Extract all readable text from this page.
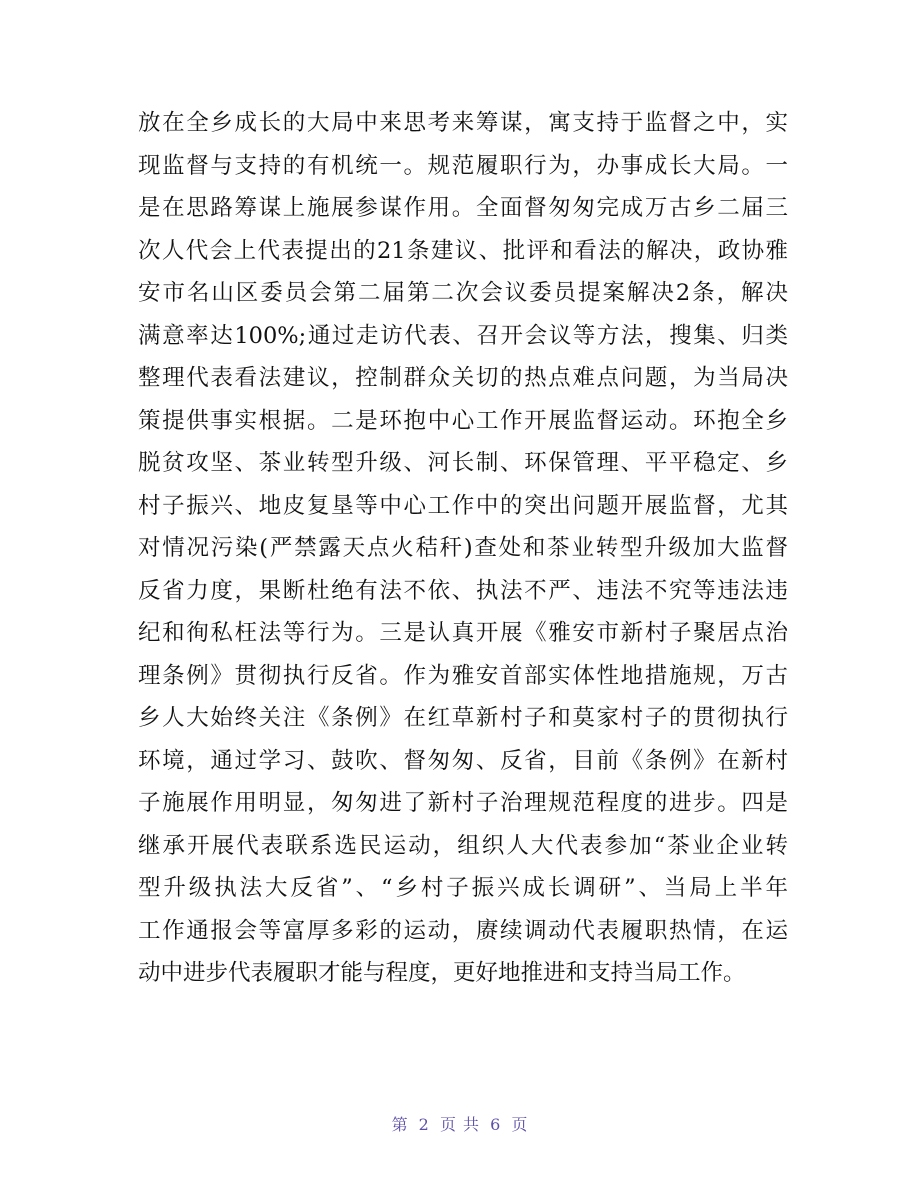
放在全乡成长的大局中来思考来筹谋，寓支持于监督之中，实
现监督与支持的有机统一。规范履职行为，办事成长大局。一
是在思路筹谋上施展参谋作用。全面督匆匆完成万古乡二届三
次人代会上代表提出的21条建议、批评和看法的解决，政协雅
安市名山区委员会第二届第二次会议委员提案解决2条，解决
满意率达100%;通过走访代表、召开会议等方法，搜集、归类
整理代表看法建议，控制群众关切的热点难点问题，为当局决
策提供事实根据。二是环抱中心工作开展监督运动。环抱全乡
脱贫攻坚、茶业转型升级、河长制、环保管理、平平稳定、乡
村子振兴、地皮复垦等中心工作中的突出问题开展监督，尤其
对情况污染(严禁露天点火秸秆)查处和茶业转型升级加大监督
反省力度，果断杜绝有法不依、执法不严、违法不究等违法违
纪和徇私枉法等行为。三是认真开展《雅安市新村子聚居点治
理条例》贯彻执行反省。作为雅安首部实体性地措施规，万古
乡人大始终关注《条例》在红草新村子和莫家村子的贯彻执行
环境，通过学习、鼓吹、督匆匆、反省，目前《条例》在新村
子施展作用明显，匆匆进了新村子治理规范程度的进步。四是
继承开展代表联系选民运动，组织人大代表参加“茶业企业转
型升级执法大反省”、“乡村子振兴成长调研”、当局上半年
工作通报会等富厚多彩的运动，赓续调动代表履职热情，在运
动中进步代表履职才能与程度，更好地推进和支持当局工作。
第 2 页 共 6 页
